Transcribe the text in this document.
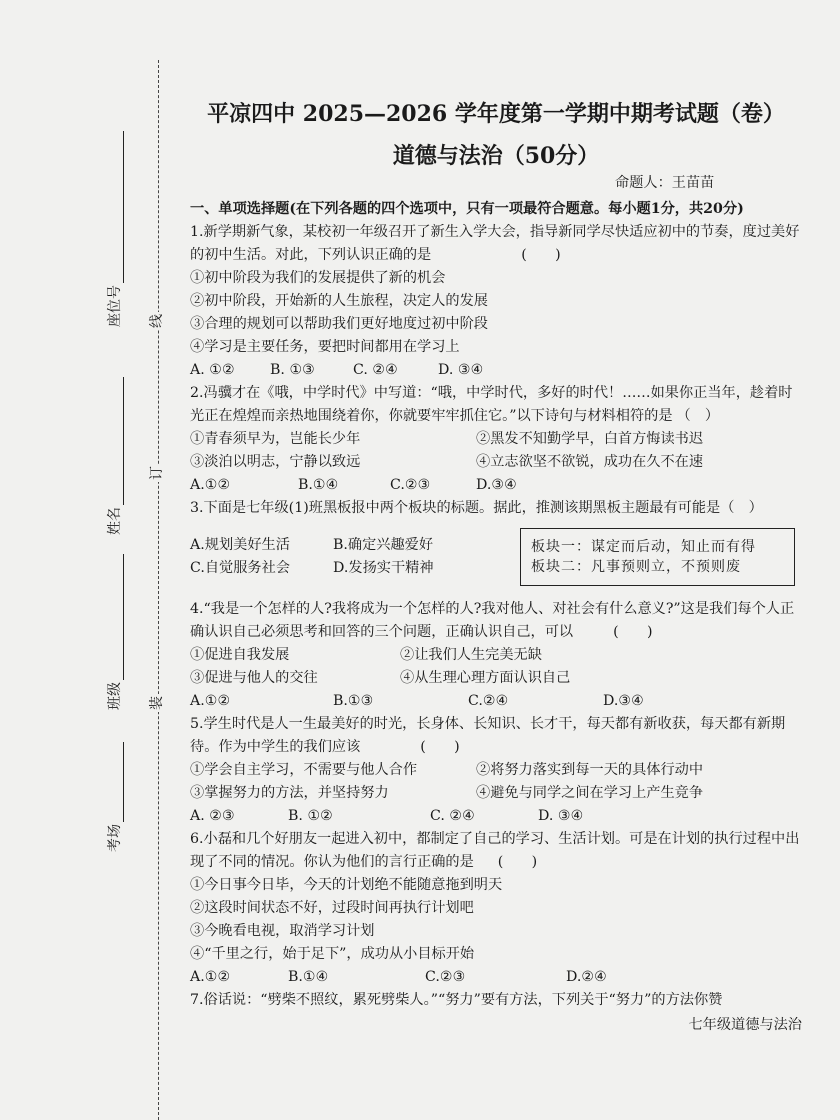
座位号
姓名
班级
考场
线
订
装
平凉四中 2025—2026 学年度第一学期中期考试题（卷）
道德与法治（50分）
命题人：王苗苗
一、单项选择题(在下列各题的四个选项中，只有一项最符合题意。每小题1分，共20分)
1.新学期新气象，某校初一年级召开了新生入学大会，指导新同学尽快适应初中的节奏，度过美好的初中生活。对此，下列认识正确的是	(　　)
①初中阶段为我们的发展提供了新的机会
②初中阶段，开始新的人生旅程，决定人的发展
③合理的规划可以帮助我们更好地度过初中阶段
④学习是主要任务，要把时间都用在学习上
A. ①②	B. ①③	C. ②④	D. ③④
2.冯骥才在《哦，中学时代》中写道：“哦，中学时代，多好的时代！……如果你正当年，趁着时光正在煌煌而亲热地围绕着你，你就要牢牢抓住它。”以下诗句与材料相符的是 （　）
①青春须早为，岂能长少年	②黑发不知勤学早，白首方悔读书迟
③淡泊以明志，宁静以致远	④立志欲坚不欲锐，成功在久不在速
A.①②	B.①④	C.②③	D.③④
3.下面是七年级(1)班黑板报中两个板块的标题。据此，推测该期黑板主题最有可能是（　）
A.规划美好生活	B.确定兴趣爱好
C.自觉服务社会	D.发扬实干精神
板块一：谋定而后动，知止而有得
板块二：凡事预则立，不预则废
4.“我是一个怎样的人?我将成为一个怎样的人?我对他人、对社会有什么意义?”这是我们每个人正确认识自己必须思考和回答的三个问题，正确认识自己，可以	(　　)
①促进自我发展	②让我们人生完美无缺
③促进与他人的交往	④从生理心理方面认识自己
A.①②	B.①③	C.②④	D.③④
5.学生时代是人一生最美好的时光，长身体、长知识、长才干，每天都有新收获，每天都有新期待。作为中学生的我们应该	(　　)
①学会自主学习，不需要与他人合作	②将努力落实到每一天的具体行动中
③掌握努力的方法，并坚持努力	④避免与同学之间在学习上产生竞争
A. ②③	B. ①②	C. ②④	D. ③④
6.小磊和几个好朋友一起进入初中，都制定了自己的学习、生活计划。可是在计划的执行过程中出现了不同的情况。你认为他们的言行正确的是 (　　)
①今日事今日毕，今天的计划绝不能随意拖到明天
②这段时间状态不好，过段时间再执行计划吧
③今晚看电视，取消学习计划
④“千里之行，始于足下”，成功从小目标开始
A.①②	B.①④	C.②③	D.②④
7.俗话说：“劈柴不照纹，累死劈柴人。”“努力”要有方法，下列关于“努力”的方法你赞
七年级道德与法治
